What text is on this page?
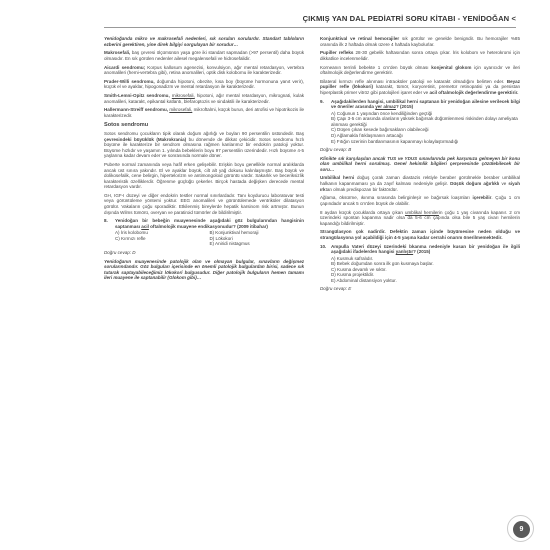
ÇIKMIŞ YAN DAL PEDİATRİ SORU KİTABI - YENİDOĞAN <

Yenidoğanda mikro ve makrosefali nedenleri, sık soruları sorulardır. Standart tabloların ezberini gerektiren, yine direk bilgiyi sorgulayan bir sorudur…

Makrosefali, baş çevresi ölçümünün yaşa göre iki standart sapmadan (>97 persentil) daha büyük olmasıdır. En sık görülen nedenler ailesel megalensefali ve hidrosefalidir.

Aicardi sendromu; Korpus kallosum agenezisi, konvulsiyon, ağır mental retardasyon, vertebra anomalileri (hemi-vertebra gibi), retina anomalileri, optik disk kolobomu ile karakterizedir.

Prader-Willi sendromu, doğumda hipotoni, obezite, kısa boy (büyüme hormonuna yanıt verir), küçük el ve ayaklar, hipogonadizm ve mental retardasyon ile karakterizedir.

Smith-Lemni-Opitz sendromu, mikrosefali, hipotoni, ağır mental retardasyon, mikrognati, kulak anomalileri, katarakt, epikantal katlantı, blefaroptozis ve sindaktili ile karakterizedir.

Hallermann-Streiff sendromu, mikrosefali, mikroftalmi, küçük burun, deri atrofisi ve hipotrikozis ile karakterizedir.

Sotos sendromu

Sotos sendromu çocukların tipik olarak doğum ağırlığı ve boyları 90 persentilin üstündedir. Baş çevresindeki büyüklük (Makrokrania) bu dönemde de dikkat çekicidir. Sotos sendromu hızlı büyüme ile karakterize bir sendrom olmasına rağmen kanlarımız bir endokrin patoloji yoktur. Büyüme hızlıdır ve yaşamın 1. yılında bebeklerin boyu 97 persentilin üzerindedir. Hızlı büyüme 4-5 yaşlarına kadar devam eder ve sonrasında normale döner.

Puberte normal zamanında veya hafif erken gelişebilir. Erişkin boyu genellikle normal aralıklarda ancak üst sınıra yakındır. El ve ayaklar büyük, cilt alt yağ dokusu kalınlaşmıştır. Baş büyük ve dolikosefalik, cene belirgin, hipertelorizm ve antimongoloid görüntü vardır. Sakarlık ve beceriksizlik karakteristik özelliklerdir. Öğrenme güçlüğü çekerler. Birçok hastada değişken derecede mental retardasyon vardır.

GH, IGF-I düzeyi ve diğer endokrin testler normal sınırlardadır. Tanı koydurucu laboratuvar testi veya görüntüleme yöntemi yoktur. EEG anomalileri ve görüntülemede ventriküler dilatasyon görülür. Vakaların çoğu sporadiktir. Etkilenmiş bireylerde hepatik karsinom risk artmıştır. Bunun dışında Wilms tümörü, overyan ve paratiroid tümörler de bildirilmiştir.

8.	Yenidoğan bir bebeğin muayenesinde aşağıdaki göz bulgularından hangisinin saptanması acil oftalmolojik muayene endikasyonudur? (2009 itibahar)
A) İris kolobomu	B) Konjunktival hemoraji
C) Kırmızı refle	D) Lökokori
E) Aniridi nistagmus

Doğru cevap: D

Yenidoğanın muayenesinde patolojik olan ve olmayan bulgular, sınavların değişmez sorularındandır. Göz bulguları içerisinde en önemli patolojik bulgulardan birisi, sadece sık tutarak saptayabileceğimiz lökokori bulgusudur. Diğer patolojik bulguların hemen tamamı ileri muayene ile saptanabilir (Glokom gibi)…

Konjunktival ve retinal hemorajiler sık görülür ve genelde benigndir. Bu hemorajiler %85 oranında ilk 2 haftada olmak üzere 4 haftada kaybolurlar.

Pupiller refleks 28-30 gebelik haftasından sonra ortaya çıkar. İris kolobom ve heterokromi için dikkatlice incelenmelidir.

Korneanın terrinli bebekte 1 cm'den büyük olması konjenital glokom için uyarıcıdır ve ileri oftalmolojik değerlendirme gerektirir.

Bilateral kırmızı refle alınması intraoküler patoloji ve katarakt olmadığını belirten eder. Beyaz pupiller refle (lökokori) katarakt, tümör, koryoretinit, premetür retinopatisi ya da persistan hiperplastik primer vitröz gibi patolojileri işaret eder ve acil oftalmolojik değerlendirme gerektirir.

9.	Aşağıdakilerden hangisi, umbilikal herni saptanan bir yenidoğan ailesine verilecek bilgi ve öneriler arasında yer almaz? (2015)
A) Coğunun 1 yaşından önce kendiliğinden geçtiği
B) Çapı 3-5 cm arasında olanların yüksek bağırsak düğümlenmesi riskinden dolayı ameliyata alınması gerektiği
C) Düşen çıkan kesede bağırsakların olabileceği
D) Ağlamakla fıtıklaşmanın artacağı
E) Fıtığın üzerinin bantlanmasının kapanmayı kolaylaştırmadığı

Doğru cevap: B

Klinikte sık karşılaşılan ancak TUS ve YDUS sınavlarında pek karşımıza gelmeyen bir konu olan umbilikal herni sorulmuş. Genel hekimlik bilgileri çerçevesinde çözülebilecek bir soru…

Umbilikal herni doğuş çorak zaman diastazis rektiyle beraber görülmekle beraber umbilikal halkanın kapanmaması ya da zayıf kalması nedeniyle gelişir. Düşük doğum ağırlıklı ve siyah ırktan olmak predispozan bir faktördür.

Ağlama, öksürme, ıkınma sırasında belirginleşir ve bağırsak loaşmları içerebilir. Çoğu 1 cm çapındadır ancak 5 cm'den büyük de olabilir.

8 aydan küçük çocuklarda ortaya çıkan umblikal hernilerin çoğu 1 yaş civarında kapanır. 2 cm üzerindeki spontan kapanma nadir olsa da 5-6 cm çapında olsa bile 5 yaş civarı hernilerin kapandığı bildirilmiştir.

Strangülasyon çok nadirdir. Defektin zaman içinde büyümesine neden olduğu ve strangülasyona yol açabildiği için 4-5 yaşına kadar cerrahi onarım önerilmemektedir.

10.	Ampulla Vateri düzeyi üzerindeki bkanma nedeniyle kusan bir yenidoğan ile ilgili aşağıdaki ifadelerden hangisi yanlıştır? (2015)
A) Kusmuk safralıdır.
B) Bebek doğumdan sonra ilk gün kusmaya başlar.
C) Kusma devamlı ve sıktır.
D) Kusma projektildir.
E) Abdominal distansiyon yoktur.

Doğru cevap: E

9
